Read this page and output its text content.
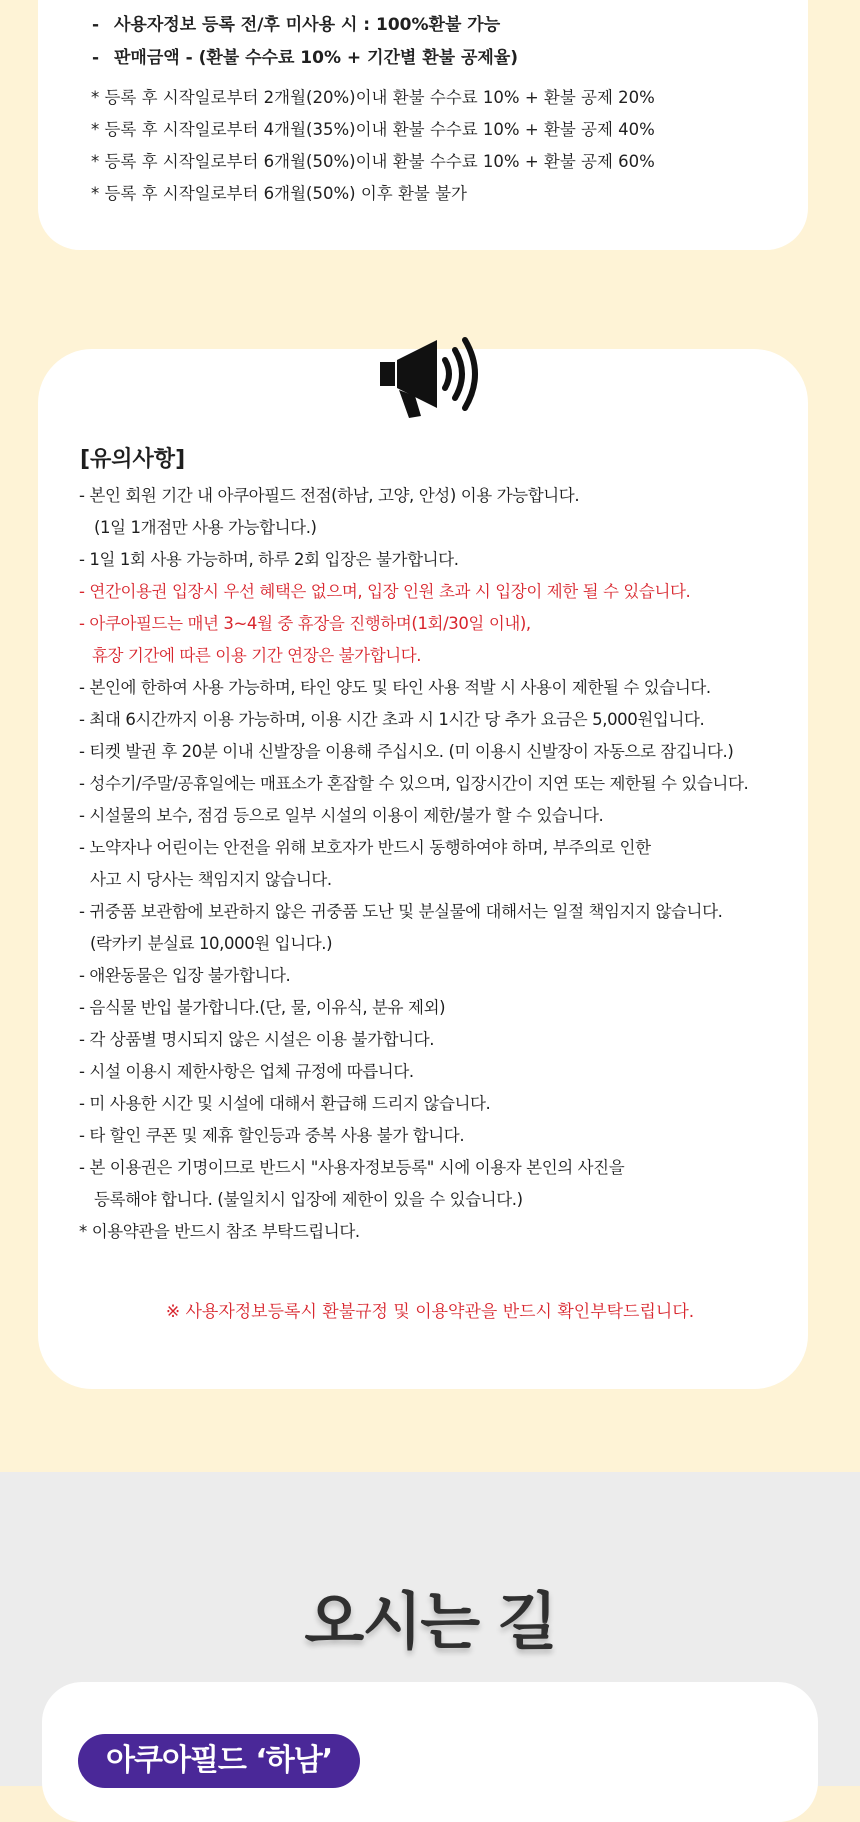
- 사용자정보 등록 전/후 미사용 시 : 100%환불 가능
- 판매금액 - (환불 수수료 10% + 기간별 환불 공제율)
* 등록 후 시작일로부터 2개월(20%)이내 환불 수수료 10% + 환불 공제 20%
* 등록 후 시작일로부터 4개월(35%)이내 환불 수수료 10% + 환불 공제 40%
* 등록 후 시작일로부터 6개월(50%)이내 환불 수수료 10% + 환불 공제 60%
* 등록 후 시작일로부터 6개월(50%) 이후 환불 불가
[유의사항]
- 본인 회원 기간 내 아쿠아필드 전점(하남, 고양, 안성) 이용 가능합니다.
(1일 1개점만 사용 가능합니다.)
- 1일 1회 사용 가능하며, 하루 2회 입장은 불가합니다.
- 연간이용권 입장시 우선 혜택은 없으며, 입장 인원 초과 시 입장이 제한 될 수 있습니다.
- 아쿠아필드는 매년 3~4월 중 휴장을 진행하며(1회/30일 이내),
휴장 기간에 따른 이용 기간 연장은 불가합니다.
- 본인에 한하여 사용 가능하며, 타인 양도 및 타인 사용 적발 시 사용이 제한될 수 있습니다.
- 최대 6시간까지 이용 가능하며, 이용 시간 초과 시 1시간 당 추가 요금은 5,000원입니다.
- 티켓 발권 후 20분 이내 신발장을 이용해 주십시오. (미 이용시 신발장이 자동으로 잠깁니다.)
- 성수기/주말/공휴일에는 매표소가 혼잡할 수 있으며, 입장시간이 지연 또는 제한될 수 있습니다.
- 시설물의 보수, 점검 등으로 일부 시설의 이용이 제한/불가 할 수 있습니다.
- 노약자나 어린이는 안전을 위해 보호자가 반드시 동행하여야 하며, 부주의로 인한
사고 시 당사는 책임지지 않습니다.
- 귀중품 보관함에 보관하지 않은 귀중품 도난 및 분실물에 대해서는 일절 책임지지 않습니다.
(락카키 분실료 10,000원 입니다.)
- 애완동물은 입장 불가합니다.
- 음식물 반입 불가합니다.(단, 물, 이유식, 분유 제외)
- 각 상품별 명시되지 않은 시설은 이용 불가합니다.
- 시설 이용시 제한사항은 업체 규정에 따릅니다.
- 미 사용한 시간 및 시설에 대해서 환급해 드리지 않습니다.
- 타 할인 쿠폰 및 제휴 할인등과 중복 사용 불가 합니다.
- 본 이용권은 기명이므로 반드시 "사용자정보등록" 시에 이용자 본인의 사진을
등록해야 합니다. (불일치시 입장에 제한이 있을 수 있습니다.)
* 이용약관을 반드시 참조 부탁드립니다.
※ 사용자정보등록시 환불규정 및 이용약관을 반드시 확인부탁드립니다.
오시는 길
아쿠아필드 ‘하남’
